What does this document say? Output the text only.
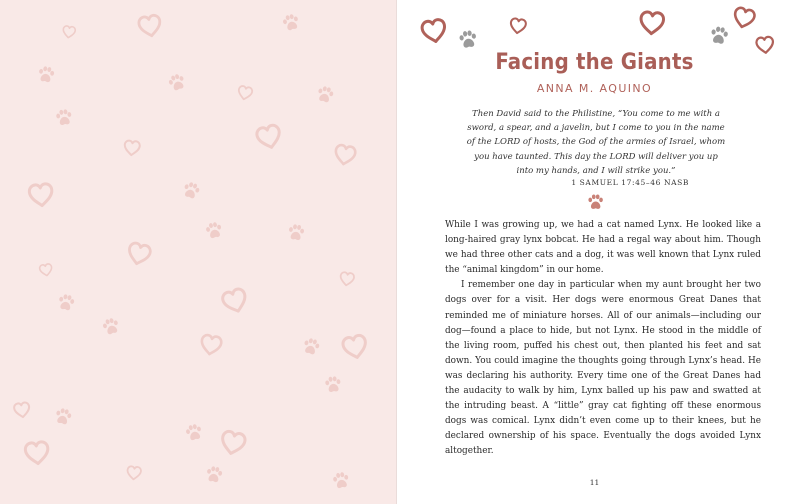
Facing the Giants
ANNA M. AQUINO

Then David said to the Philistine, “You come to me with a sword, a spear, and a javelin, but I come to you in the name of the LORD of hosts, the God of the armies of Israel, whom you have taunted. This day the LORD will deliver you up into my hands, and I will strike you.”

1 SAMUEL 17:45–46 NASB

While I was growing up, we had a cat named Lynx. He looked like a long-haired gray lynx bobcat. He had a regal way about him. Though we had three other cats and a dog, it was well known that Lynx ruled the “animal kingdom” in our home.

I remember one day in particular when my aunt brought her two dogs over for a visit. Her dogs were enormous Great Danes that reminded me of miniature horses. All of our animals—including our dog—found a place to hide, but not Lynx. He stood in the middle of the living room, puffed his chest out, then planted his feet and sat down. You could imagine the thoughts going through Lynx’s head. He was declaring his authority. Every time one of the Great Danes had the audacity to walk by him, Lynx balled up his paw and swatted at the intruding beast. A “little” gray cat fighting off these enormous dogs was comical. Lynx didn’t even come up to their knees, but he declared ownership of his space. Eventually the dogs avoided Lynx altogether.

11
